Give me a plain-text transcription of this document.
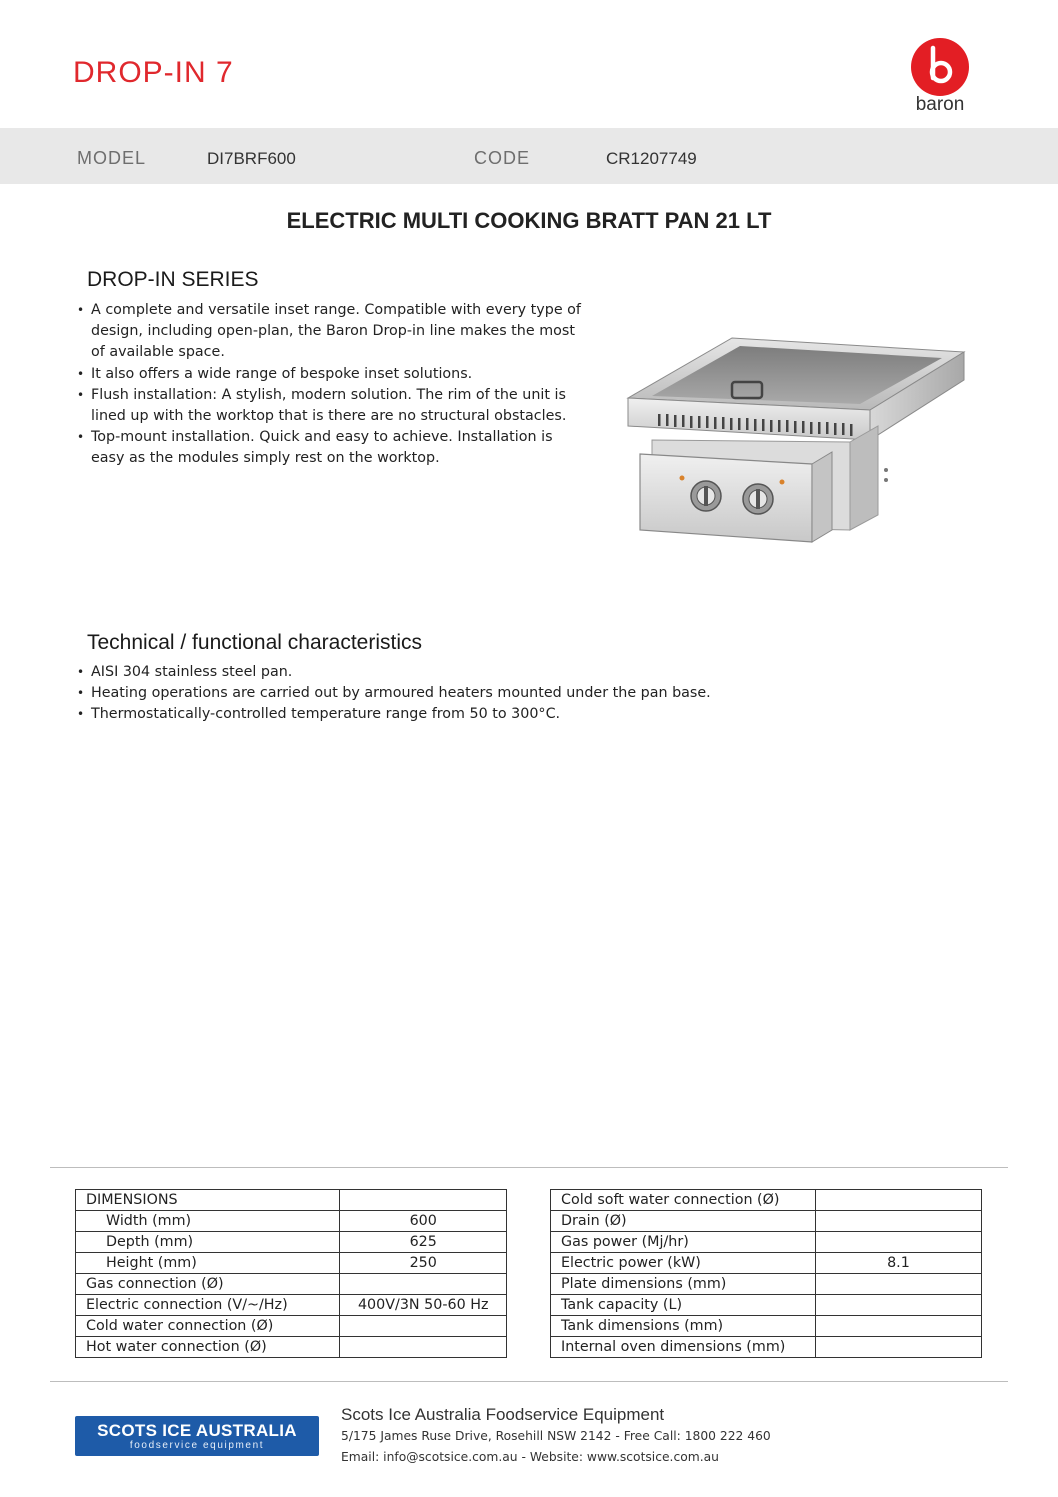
DROP-IN 7
baron
MODEL	DI7BRF600	CODE	CR1207749
ELECTRIC MULTI COOKING BRATT PAN 21 LT
DROP-IN SERIES
• A complete and versatile inset range. Compatible with every type of design, including open-plan, the Baron Drop-in line makes the most of available space.
• It also offers a wide range of bespoke inset solutions.
• Flush installation: A stylish, modern solution. The rim of the unit is lined up with the worktop that is there are no structural obstacles.
• Top-mount installation. Quick and easy to achieve. Installation is easy as the modules simply rest on the worktop.
Technical / functional characteristics
• AISI 304 stainless steel pan.
• Heating operations are carried out by armoured heaters mounted under the pan base.
• Thermostatically-controlled temperature range from 50 to 300°C.
DIMENSIONS	
Width (mm)	600
Depth (mm)	625
Height (mm)	250
Gas connection (Ø)	
Electric connection (V/~/Hz)	400V/3N 50-60 Hz
Cold water connection (Ø)	
Hot water connection (Ø)	
Cold soft water connection (Ø)	
Drain (Ø)	
Gas power (Mj/hr)	
Electric power (kW)	8.1
Plate dimensions (mm)	
Tank capacity (L)	
Tank dimensions (mm)	
Internal oven dimensions (mm)	
SCOTS ICE AUSTRALIA
foodservice equipment
Scots Ice Australia Foodservice Equipment
5/175 James Ruse Drive, Rosehill NSW 2142 - Free Call: 1800 222 460
Email: info@scotsice.com.au - Website: www.scotsice.com.au
